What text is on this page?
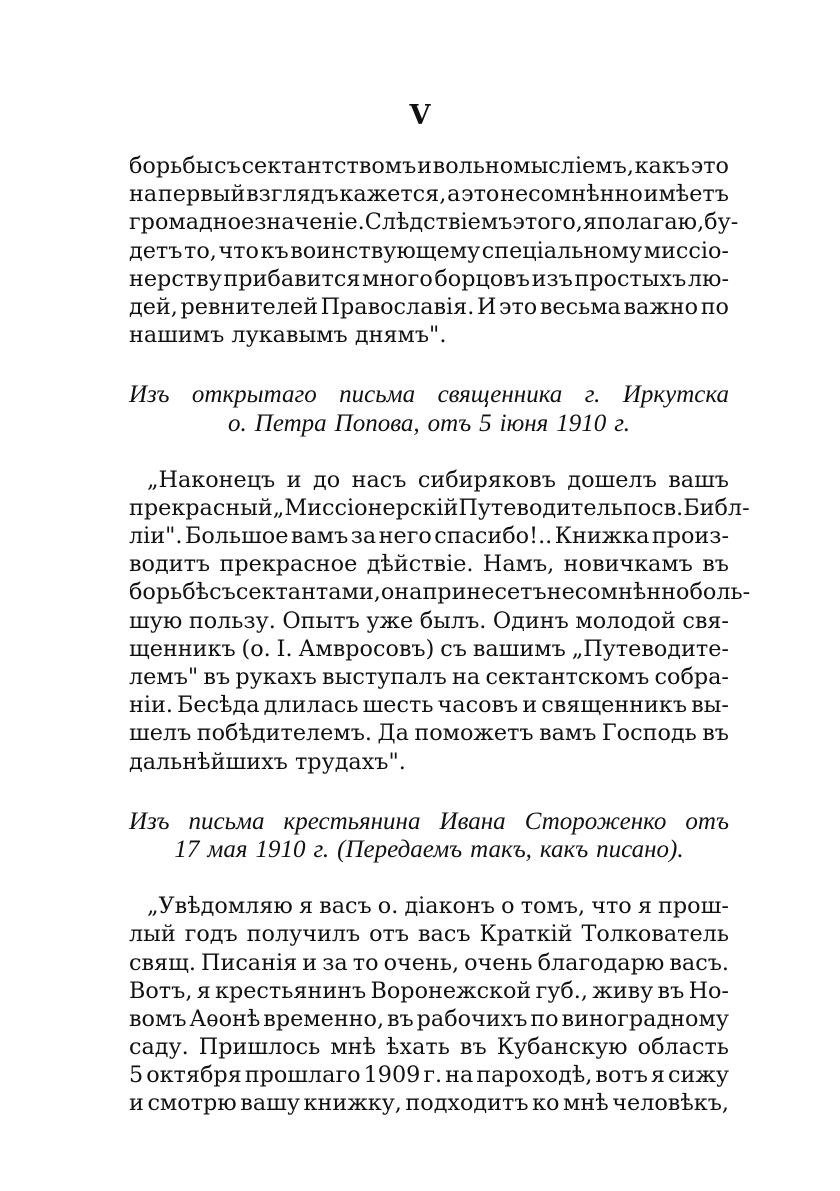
V
борьбы съ сектантствомъ и вольномысліемъ, какъ это
на первый взглядъ кажется, а это несомнѣнно имѣетъ
громадное значеніе. Слѣдствіемъ этого, я полагаю, бу-
детъ то, что къ воинствующему спеціальному миссіо-
нерству прибавится много борцовъ изъ простыхъ лю-
дей, ревнителей Православія. И это весьма важно по
нашимъ лукавымъ днямъ".
Изъ открытаго письма священника г. Иркутска
о. Петра Попова, отъ 5 іюня 1910 г.
„Наконецъ и до насъ сибиряковъ дошелъ вашъ
прекрасный „Миссіонерскій Путеводитель по св. Библ-
ліи". Большое вамъ за него спасибо!.. Книжка произ-
водитъ прекрасное дѣйствіе. Намъ, новичкамъ въ
борьбѣ съ сектантами, она принесетъ несомнѣнно боль-
шую пользу. Опытъ уже былъ. Одинъ молодой свя-
щенникъ (о. І. Амвросовъ) съ вашимъ „Путеводите-
лемъ" въ рукахъ выступалъ на сектантскомъ собра-
ніи. Бесѣда длилась шесть часовъ и священникъ вы-
шелъ побѣдителемъ. Да поможетъ вамъ Господь въ
дальнѣйшихъ трудахъ".
Изъ письма крестьянина Ивана Стороженко отъ
17 мая 1910 г. (Передаемъ такъ, какъ писано).
„Увѣдомляю я васъ о. діаконъ о томъ, что я прош-
лый годъ получилъ отъ васъ Краткій Толкователь
свящ. Писанія и за то очень, очень благодарю васъ.
Вотъ, я крестьянинъ Воронежской губ., живу въ Но-
вомъ Аѳонѣ временно, въ рабочихъ по виноградному
саду. Пришлось мнѣ ѣхать въ Кубанскую область
5 октября прошлаго 1909 г. на пароходѣ, вотъ я сижу
и смотрю вашу книжку, подходитъ ко мнѣ человѣкъ,
